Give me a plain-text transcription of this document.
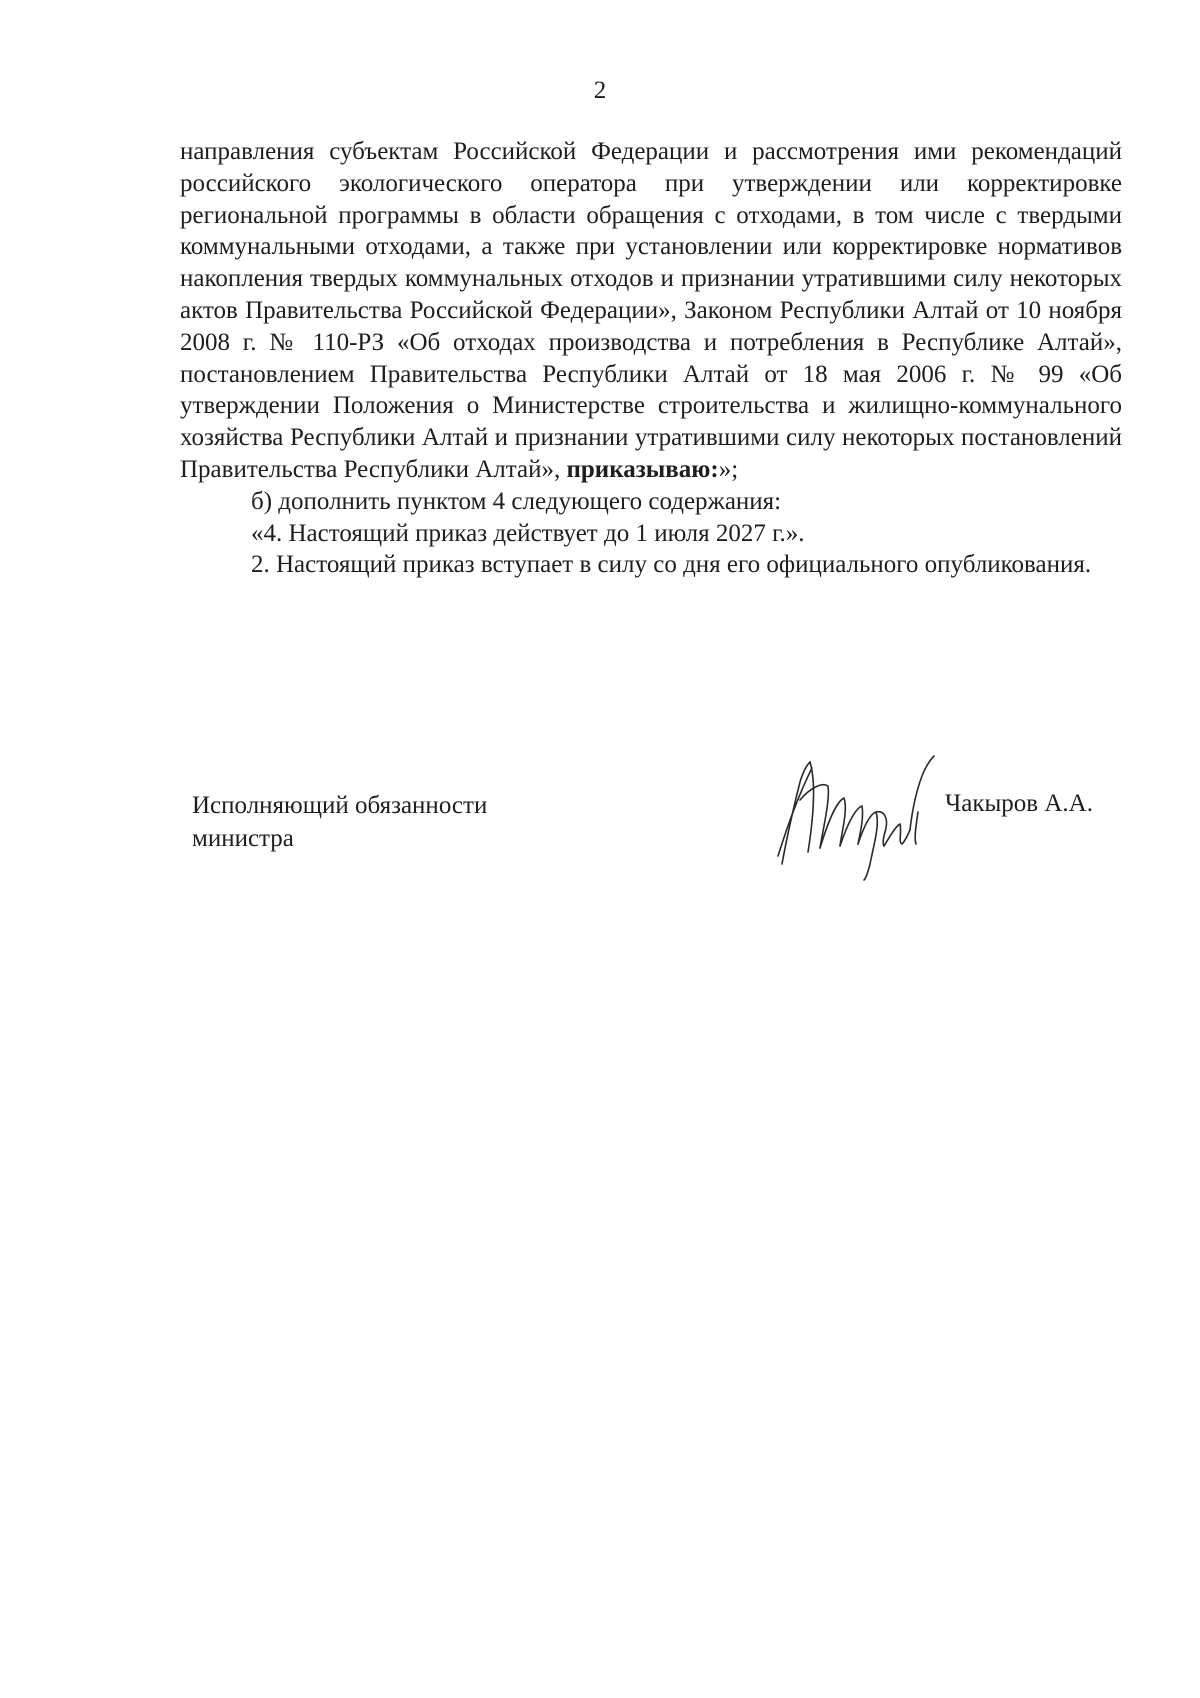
2

направления субъектам Российской Федерации и рассмотрения ими рекомендаций российского экологического оператора при утверждении или корректировке региональной программы в области обращения с отходами, в том числе с твердыми коммунальными отходами, а также при установлении или корректировке нормативов накопления твердых коммунальных отходов и признании утратившими силу некоторых актов Правительства Российской Федерации», Законом Республики Алтай от 10 ноября 2008 г. № 110-РЗ «Об отходах производства и потребления в Республике Алтай», постановлением Правительства Республики Алтай от 18 мая 2006 г. № 99 «Об утверждении Положения о Министерстве строительства и жилищно-коммунального хозяйства Республики Алтай и признании утратившими силу некоторых постановлений Правительства Республики Алтай», приказываю:»;

б) дополнить пунктом 4 следующего содержания:

«4. Настоящий приказ действует до 1 июля 2027 г.».

2. Настоящий приказ вступает в силу со дня его официального опубликования.

Исполняющий обязанности
министра
Чакыров А.А.
